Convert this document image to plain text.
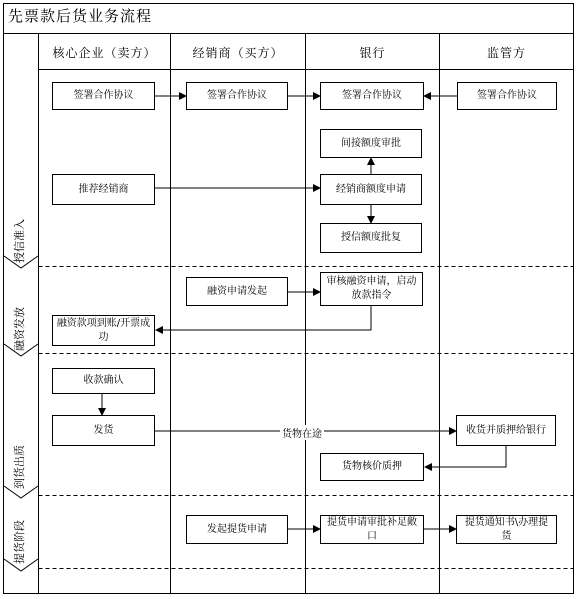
先票款后货业务流程
核心企业（卖方）	经销商（买方）	银行	监管方
授信准入
融资发放
到货出质
提货阶段
签署合作协议	签署合作协议	签署合作协议	签署合作协议
间接额度审批
推荐经销商	经销商额度申请
授信额度批复
融资申请发起
审核融资申请，启动放款指令
融资款项到账/开票成功
收款确认
发货	收货并质押给银行
货物核价质押
货物在途
发起提货申请
提货申请审批补足敞口
提货通知书\办理提货
